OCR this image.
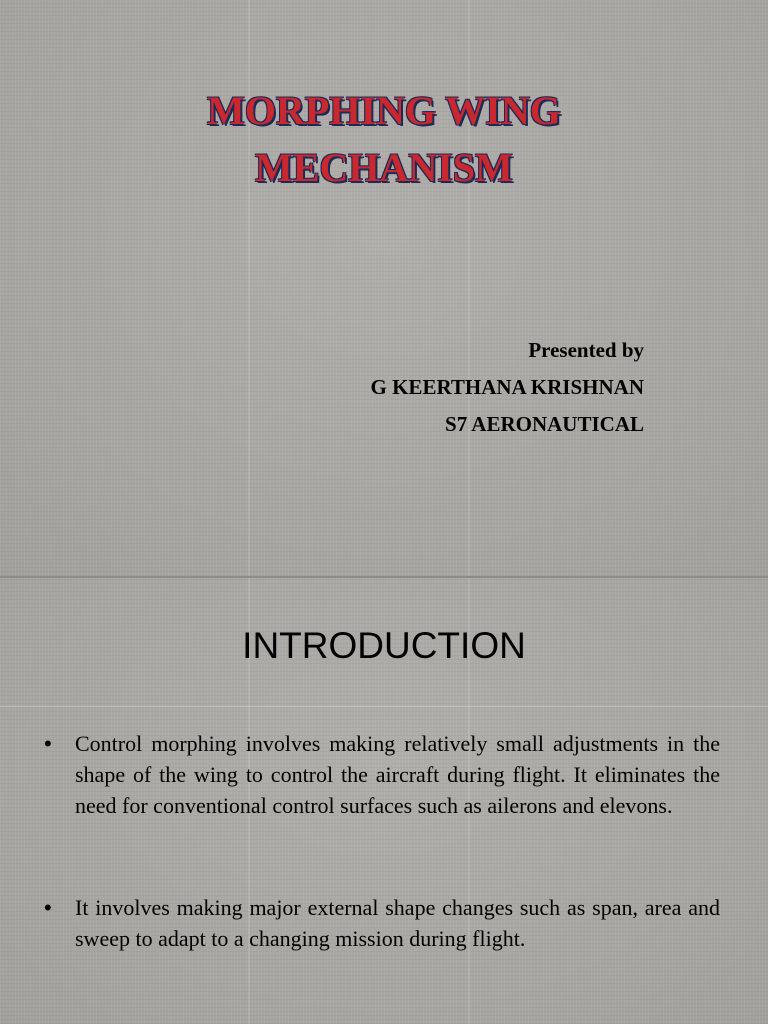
MORPHING WING
MECHANISM
Presented by
G KEERTHANA KRISHNAN
S7 AERONAUTICAL
INTRODUCTION
• Control morphing involves making relatively small adjustments in the shape of the wing to control the aircraft during flight. It eliminates the need for conventional control surfaces such as ailerons and elevons.
• It involves making major external shape changes such as span, area and sweep to adapt to a changing mission during flight.
